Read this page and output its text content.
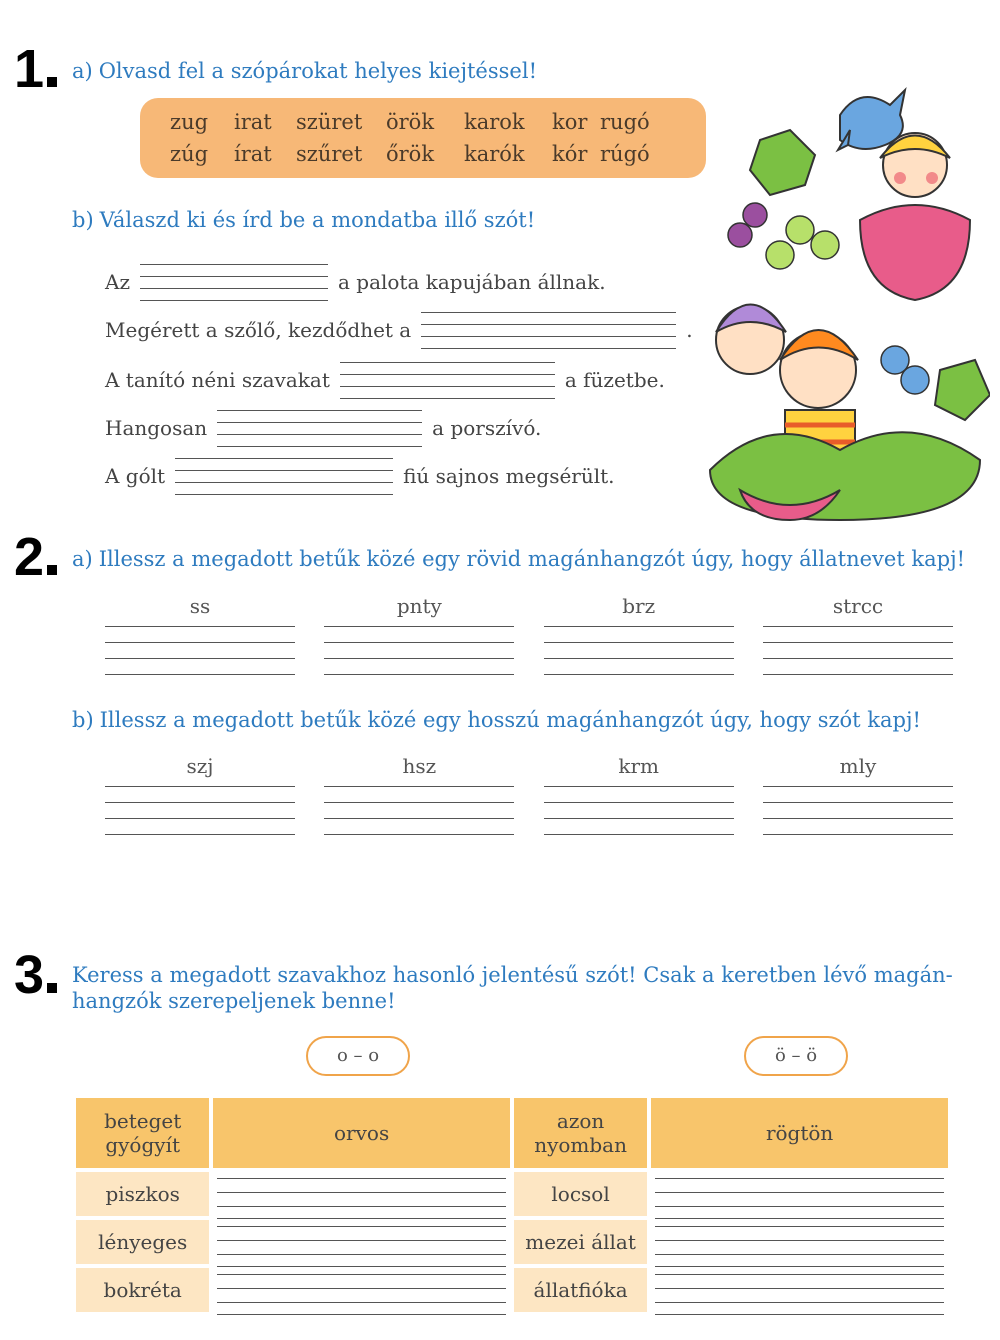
1	a) Olvasd fel a szópárokat helyes kiejtéssel!
zug	irat	szüret	örök	karok	kor rugó
zúg	írat	szűret	őrök	karók	kór rúgó
b) Válaszd ki és írd be a mondatba illő szót!
Az	a palota kapujában állnak.
Megérett a szőlő, kezdődhet a	.
A tanító néni szavakat	a füzetbe.
Hangosan	a porszívó.
A gólt	fiú sajnos megsérült.
2	a) Illessz a megadott betűk közé egy rövid magánhangzót úgy, hogy állatnevet kapj!
ss	pnty	brz	strcc
b) Illessz a megadott betűk közé egy hosszú magánhangzót úgy, hogy szót kapj!
szj	hsz	krm	mly
3	Keress a megadott szavakhoz hasonló jelentésű szót! Csak a keretben lévő magán-
hangzók szerepeljenek benne!
o – o	ö – ö
beteget gyógyít	orvos	azon nyomban	rögtön
piszkos		locsol	

lényeges		mezei állat	

bokréta		állatfióka	
